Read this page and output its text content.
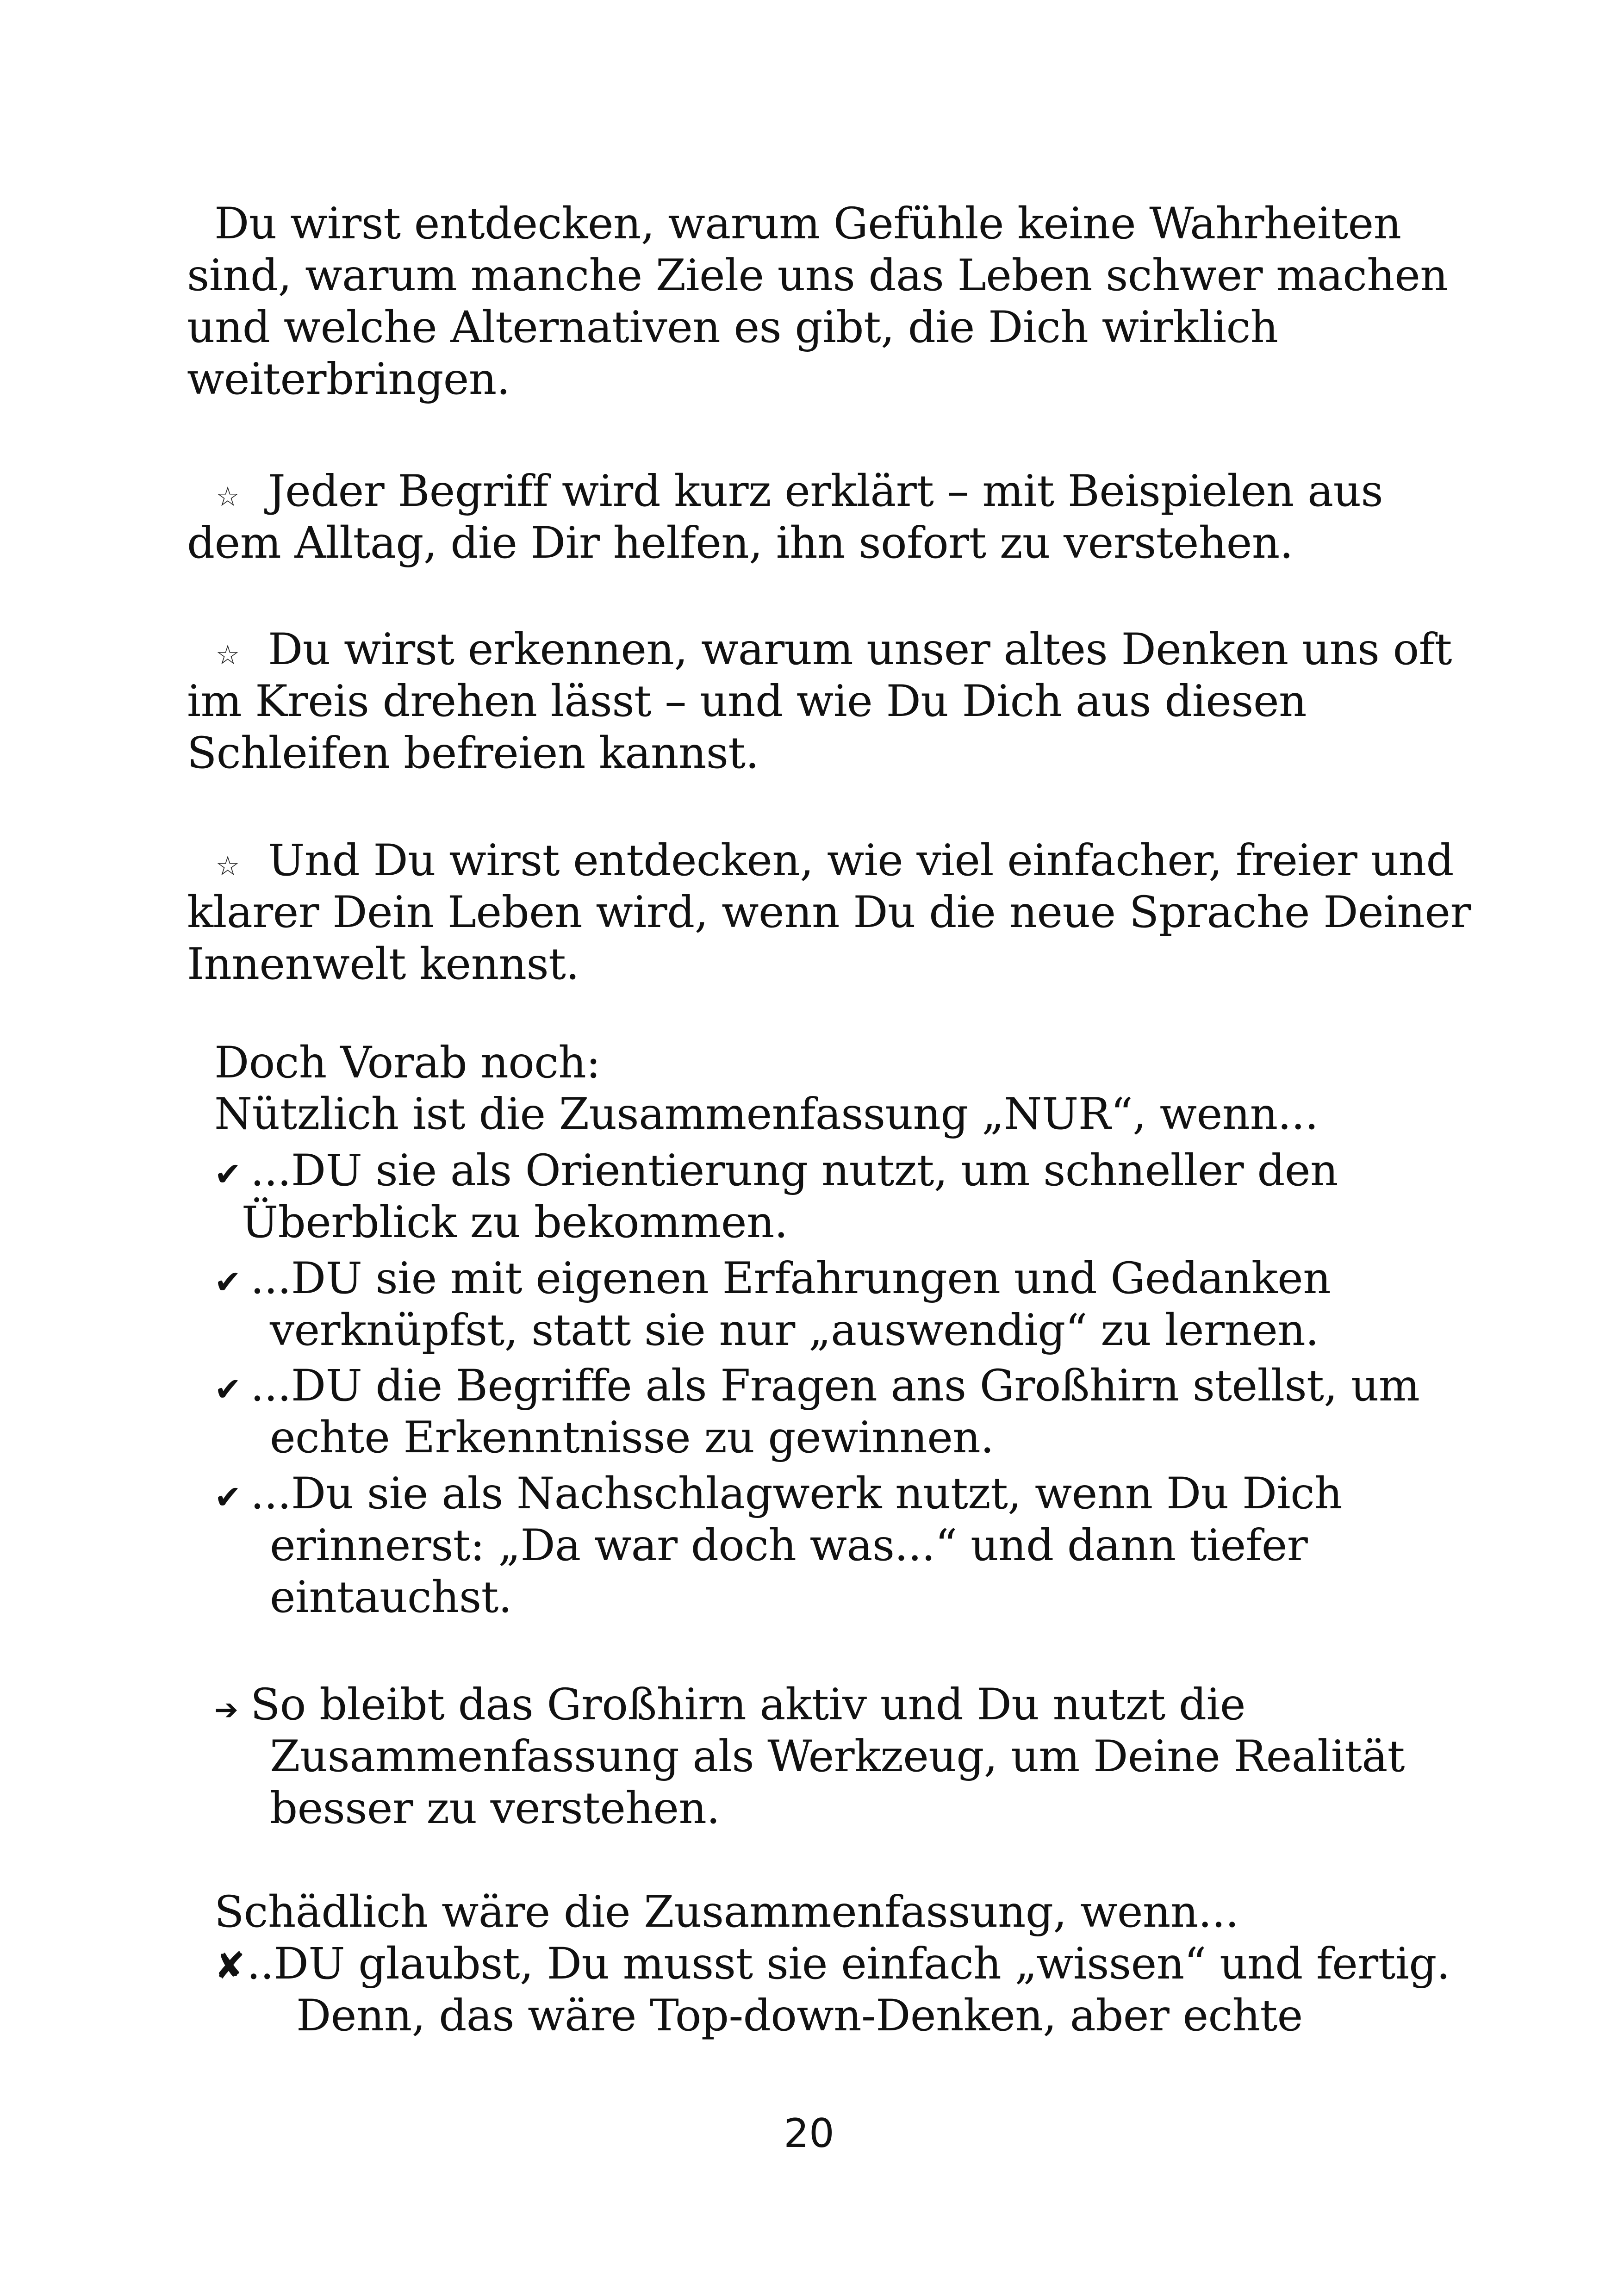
Du wirst entdecken, warum Gefühle keine Wahrheiten
sind, warum manche Ziele uns das Leben schwer machen
und welche Alternativen es gibt, die Dich wirklich
weiterbringen.
☆ Jeder Begriff wird kurz erklärt – mit Beispielen aus
dem Alltag, die Dir helfen, ihn sofort zu verstehen.
☆ Du wirst erkennen, warum unser altes Denken uns oft
im Kreis drehen lässt – und wie Du Dich aus diesen
Schleifen befreien kannst.
☆ Und Du wirst entdecken, wie viel einfacher, freier und
klarer Dein Leben wird, wenn Du die neue Sprache Deiner
Innenwelt kennst.
Doch Vorab noch:
Nützlich ist die Zusammenfassung „NUR“, wenn...
✔ ...DU sie als Orientierung nutzt, um schneller den
Überblick zu bekommen.
✔ ...DU sie mit eigenen Erfahrungen und Gedanken
verknüpfst, statt sie nur „auswendig“ zu lernen.
✔ ...DU die Begriffe als Fragen ans Großhirn stellst, um
echte Erkenntnisse zu gewinnen.
✔ ...Du sie als Nachschlagwerk nutzt, wenn Du Dich
erinnerst: „Da war doch was...“ und dann tiefer
eintauchst.
➔ So bleibt das Großhirn aktiv und Du nutzt die
Zusammenfassung als Werkzeug, um Deine Realität
besser zu verstehen.
Schädlich wäre die Zusammenfassung, wenn...
✘..DU glaubst, Du musst sie einfach „wissen“ und fertig.
Denn, das wäre Top-down-Denken, aber echte
20
